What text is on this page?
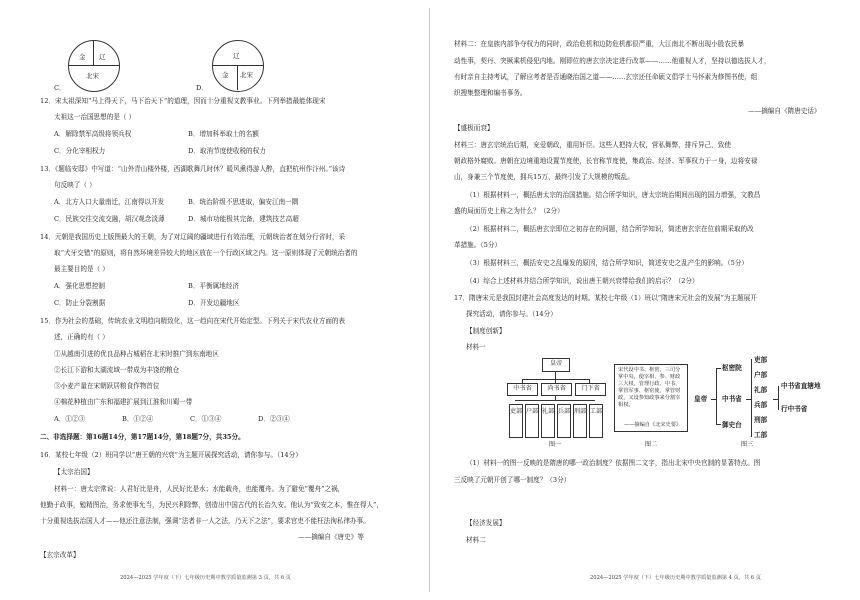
金 辽
北宋
C．
辽
金 北宋
D．
12．宋太祖深知“马上得天下，马下治天下”的道理，因而十分重视文教事业。下列举措最能体现宋
太祖这一治国思想的是（ ）
A．解除禁军高级将领兵权	B．增加科举取士的名额
C．分化宰相权力	D．取消节度使收税的权力
13．《题临安邸》中写道：“山外青山楼外楼，西湖歌舞几时休？暖风熏得游人醉，直把杭州作汴州。”该诗
句反映了（ ）
A．北方人口大量南迁，江南得以开发	B．统治阶级不思进取，偏安江南一隅
C．民族交往交流交融，胡汉观念淡薄	D．城市功能极其完备，建筑技艺高超
14．元朝是我国历史上版图最大的王朝，为了对辽阔的疆域进行有效治理，元朝统治者在划分行省时，采
取“犬牙交错”的原则，将自然环境差异较大的地区放在一个行政区域之内。这一原则体现了元朝统治者的
最主要目的是（ ）
A．强化思想控制	B．平衡属地经济
C．防止分裂割据	D．开发边疆地区
15．作为社会的基础，传统农业文明趋向精致化，这一趋向在宋代开始定型。下列关于宋代农业方面的表
述，正确的有（ ）
①从越南引进的优良品种占城稻在北宋时推广到东南地区
②长江下游和太湖流域一带成为丰饶的粮仓
③小麦产量在宋朝跃居粮食作物首位
④棉花种植由广东和福建扩展到江淮和川蜀一带
A．①②③	B．①②④	C．①③④	D．②③④
二、非选择题：第16题14分，第17题14分，第18题7分，共35分。
16．某校七年级（2）班同学以“唐王朝的兴衰”为主题开展探究活动，请你参与。（14分）
【太宗治国】
材料一：唐太宗常说：人君好比是舟，人民好比是水；水能载舟，也能覆舟。为了避免“覆舟”之祸，
他勤于政事，勉精图治，务求使事允当，为民兴利除弊，创造出中国古代的长治久安。他认为“致安之本，惟在得人”，
十分重视选拔治国人才——他还注意法制，强调“法者非一人之法，乃天下之法”，要求官吏不能枉法徇私律办事。
——摘编自《唐史》等
【玄宗改革】
2024—2025 学年度（下）七年级历史期中教学质量监测第 3 页，共 6 页
材料二：在皇族内部争夺权力的同时，政治危机和边防危机都很严重，大江南北不断出现小股农民暴
动性事，契丹、突厥乘机侵犯内地。刚即位的唐玄宗决定进行改革——……他重视人才，坚持以德选拔人才，
有时亲自主持考试，了解应考者是否通晓治国之道——……玄宗还任命硕文倡学士马怀素为修图书使，组
织搜集整理和编书事务。
——摘编自《隋唐史话》
【盛极而衰】
材料三：唐玄宗统治后期，宠爱朝政，重用奸臣。这些人把持大权，营私舞弊，排斥异己，致使
朝政格外腐败。唐朝在边境重地设置节度使，长官称节度使，集政治、经济、军事权力于一身，边将安禄
山，身兼三个节度使，拥兵15万，最终引发了大规模的叛乱。
（1）根据材料一，概括唐太宗的治国措施。结合所学知识，唐太宗统治期间出现的国力增强，文教昌
盛的局面历史上称之为什么？（2分）
（2）根据材料二，概括唐玄宗即位之初存在的问题，结合所学知识，简述唐玄宗在位前期采取的改
革措施。（5分）
（3）根据材料三，概括安史之乱爆发的原因，结合所学知识，简述安史之乱产生的影响。（5分）
（4）综合上述材料并结合所学知识，说出唐王朝兴衰带给我们的启示？（2分）
17．隋唐宋元是我国封建社会高度发达的时期。某校七年级（1）班以“隋唐宋元社会的发展”为主题展开
探究活动，请你参与。（14分）
【制度创新】
材料一
皇帝
中书省	尚书省	门下省
吏部 户部 礼部 兵部 刑部 工部
图一
宋代设中书、枢密、三司分掌中央，使宰相、参、财政三大权，管理行政、中书、掌管军事、枢密使，掌管财政，又设参知政事来分割宰相权。
——摘编自《北宋史要》
图二
皇帝
枢密院
中书省
御史台
吏部
户部
礼部
兵部
刑部
工部
中书省直辖地
行中书省
图三
（1）材料一的图一反映的是隋唐的哪一政治制度？依据图二文字，指出北宋中央官制的显著特点。图
三反映了元朝开创了哪一制度？（3分）
【经济发展】
材料二
2024—2025 学年度（下）七年级历史期中教学质量监测第 4 页，共 6 页
